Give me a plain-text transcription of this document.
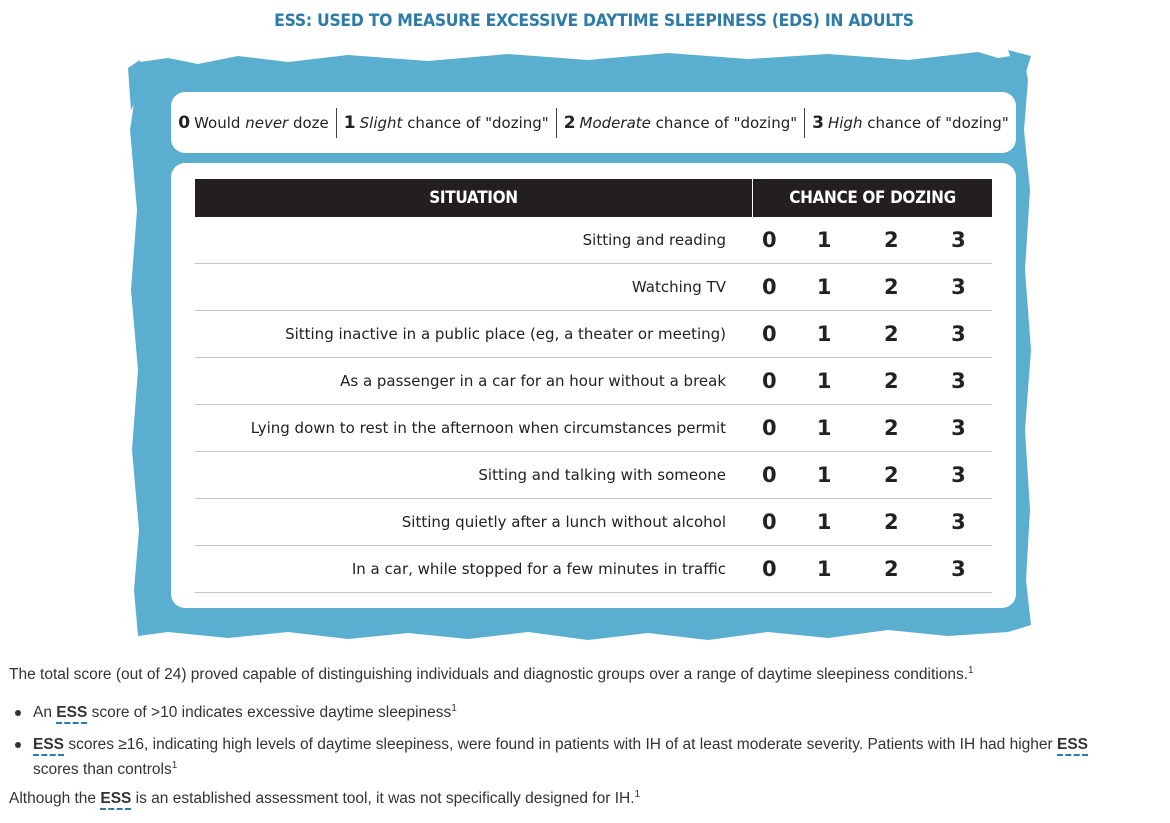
ESS: USED TO MEASURE EXCESSIVE DAYTIME SLEEPINESS (EDS) IN ADULTS
0 Would never doze 1 Slight chance of "dozing" 2 Moderate chance of "dozing" 3 High chance of "dozing"
SITUATION	CHANCE OF DOZING
Sitting and reading	0	1	2	3
Watching TV	0	1	2	3
Sitting inactive in a public place (eg, a theater or meeting)	0	1	2	3
As a passenger in a car for an hour without a break	0	1	2	3
Lying down to rest in the afternoon when circumstances permit	0	1	2	3
Sitting and talking with someone	0	1	2	3
Sitting quietly after a lunch without alcohol	0	1	2	3
In a car, while stopped for a few minutes in traffic	0	1	2	3

The total score (out of 24) proved capable of distinguishing individuals and diagnostic groups over a range of daytime sleepiness conditions.$^1$

An ESS score of >10 indicates excessive daytime sleepiness$^1$
ESS scores ≥16, indicating high levels of daytime sleepiness, were found in patients with IH of at least moderate severity. Patients with IH had higher ESS
scores than controls$^1$

Although the ESS is an established assessment tool, it was not specifically designed for IH.$^1$
